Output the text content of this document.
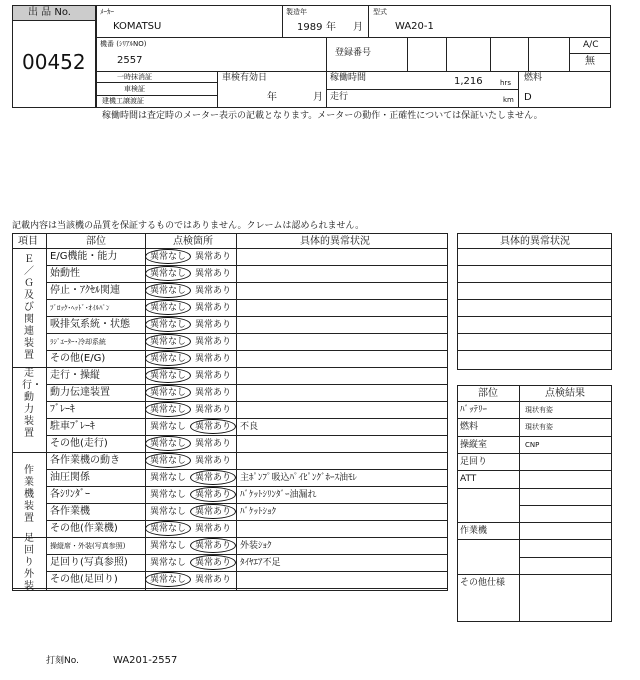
出 品 No.
00452
ﾒｰｶｰ
KOMATSU
製造年
1989 年 月
型式
WA20-1
機番 (ｼﾘｱﾙNO)
2557
登録番号
A/C
無
一時抹消証
車検証
建機工譲渡証
車検有効日
年	月
稼働時間	1,216 hrs
走行	km
燃料
D
稼働時間は査定時のメーター表示の記載となります。メーターの動作・正確性については保証いたしません。
記載内容は当該機の品質を保証するものではありません。クレームは認められません。
項目	部位	点検箇所	具体的異常状況
Ｅ／Ｇ及び関連装置
E/G機能・能力	異常なし 異常あり
始動性	異常なし 異常あり
停止・ｱｸｾﾙ関連	異常なし 異常あり
ﾌﾞﾛｯｸ･ﾍｯﾄﾞ･ｵｲﾙﾊﾟﾝ	異常なし 異常あり
吸排気系統・状態 異常なし 異常あり
ﾗｼﾞｴｰﾀｰ･冷却系統	異常なし 異常あり
その他(E/G)	異常なし 異常あり
走行・動力装置
走行・操縦	異常なし 異常あり
動力伝達装置	異常なし 異常あり
ﾌﾞﾚｰｷ	異常なし 異常あり
駐車ﾌﾞﾚｰｷ	異常なし 異常あり 不良
その他(走行)	異常なし 異常あり
作業機装置
各作業機の動き	異常なし 異常あり
油圧関係	異常なし 異常あり 主ﾎﾟﾝﾌﾟ吸込ﾊﾟｲﾋﾟﾝｸﾞﾎｰｽ油ﾓﾚ
各ｼﾘﾝﾀﾞｰ	異常なし 異常あり ﾊﾞｹｯﾄｼﾘﾝﾀﾞｰ油漏れ
各作業機	異常なし 異常あり ﾊﾞｹｯﾄｼｮｸ
その他(作業機)	異常なし 異常あり
足回り外装
操縦席・外装(写真参照)	異常なし 異常あり 外装ｼｮｸ
足回り(写真参照) 異常なし 異常あり ﾀｲﾔｴｱ不足
その他(足回り)	異常なし 異常あり
具体的異常状況
部位	点検結果
ﾊﾞｯﾃﾘｰ	現状有姿
燃料	現状有姿
操縦室	CNP
足回り
ATT
作業機
その他仕様
打刻No.	WA201-2557
